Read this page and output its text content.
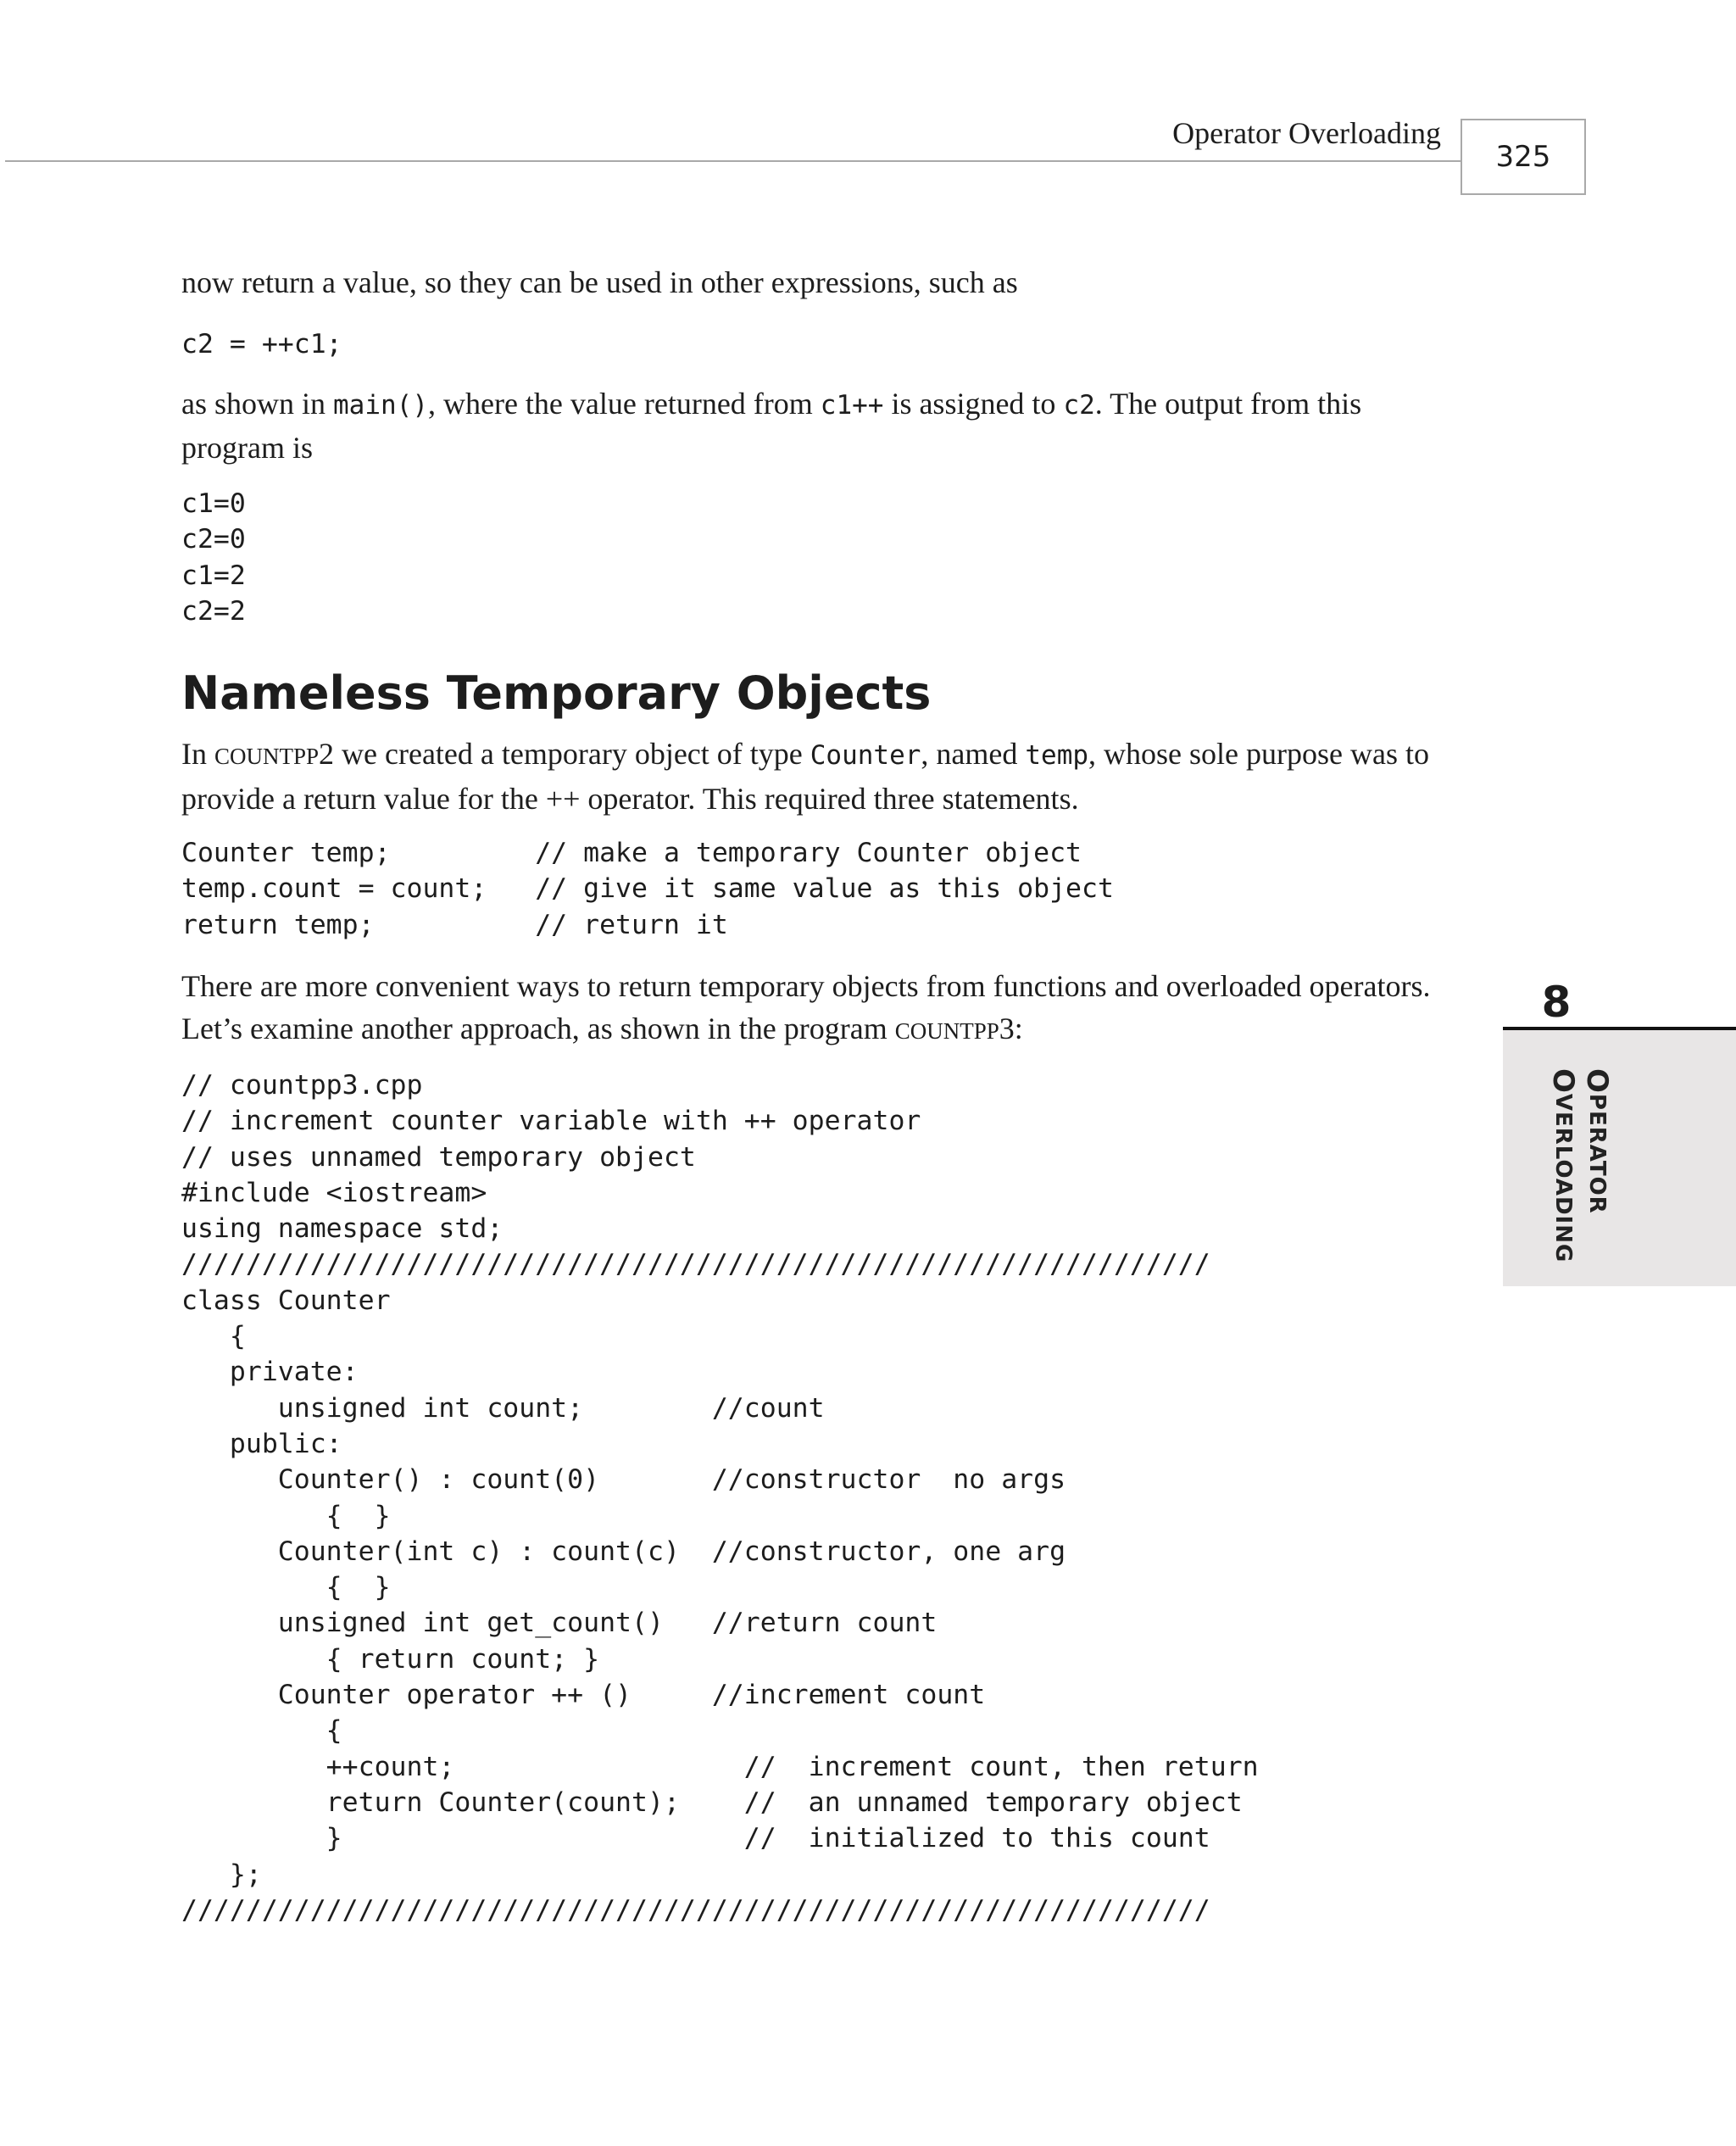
Operator Overloading
325
8
OPERATOR
OVERLOADING

now return a value, so they can be used in other expressions, such as

c2 = ++c1;

as shown in main(), where the value returned from c1++ is assigned to c2. The output from this program is

c1=0
c2=0
c1=2
c2=2
Nameless Temporary Objects

In COUNTPP2 we created a temporary object of type Counter, named temp, whose sole purpose was to provide a return value for the ++ operator. This required three statements.

Counter temp;         // make a temporary Counter object
temp.count = count;   // give it same value as this object
return temp;          // return it

There are more convenient ways to return temporary objects from functions and overloaded operators. Let’s examine another approach, as shown in the program COUNTPP3:

// countpp3.cpp
// increment counter variable with ++ operator
// uses unnamed temporary object
#include <iostream>
using namespace std;
////////////////////////////////////////////////////////////////
class Counter
{
private:
unsigned int count;        //count
public:
Counter() : count(0)       //constructor  no args
{  }
Counter(int c) : count(c)  //constructor, one arg
{  }
unsigned int get_count()   //return count
{ return count; }
Counter operator ++ ()     //increment count
{
++count;                  //  increment count, then return
return Counter(count);    //  an unnamed temporary object
}                         //  initialized to this count
};
////////////////////////////////////////////////////////////////
